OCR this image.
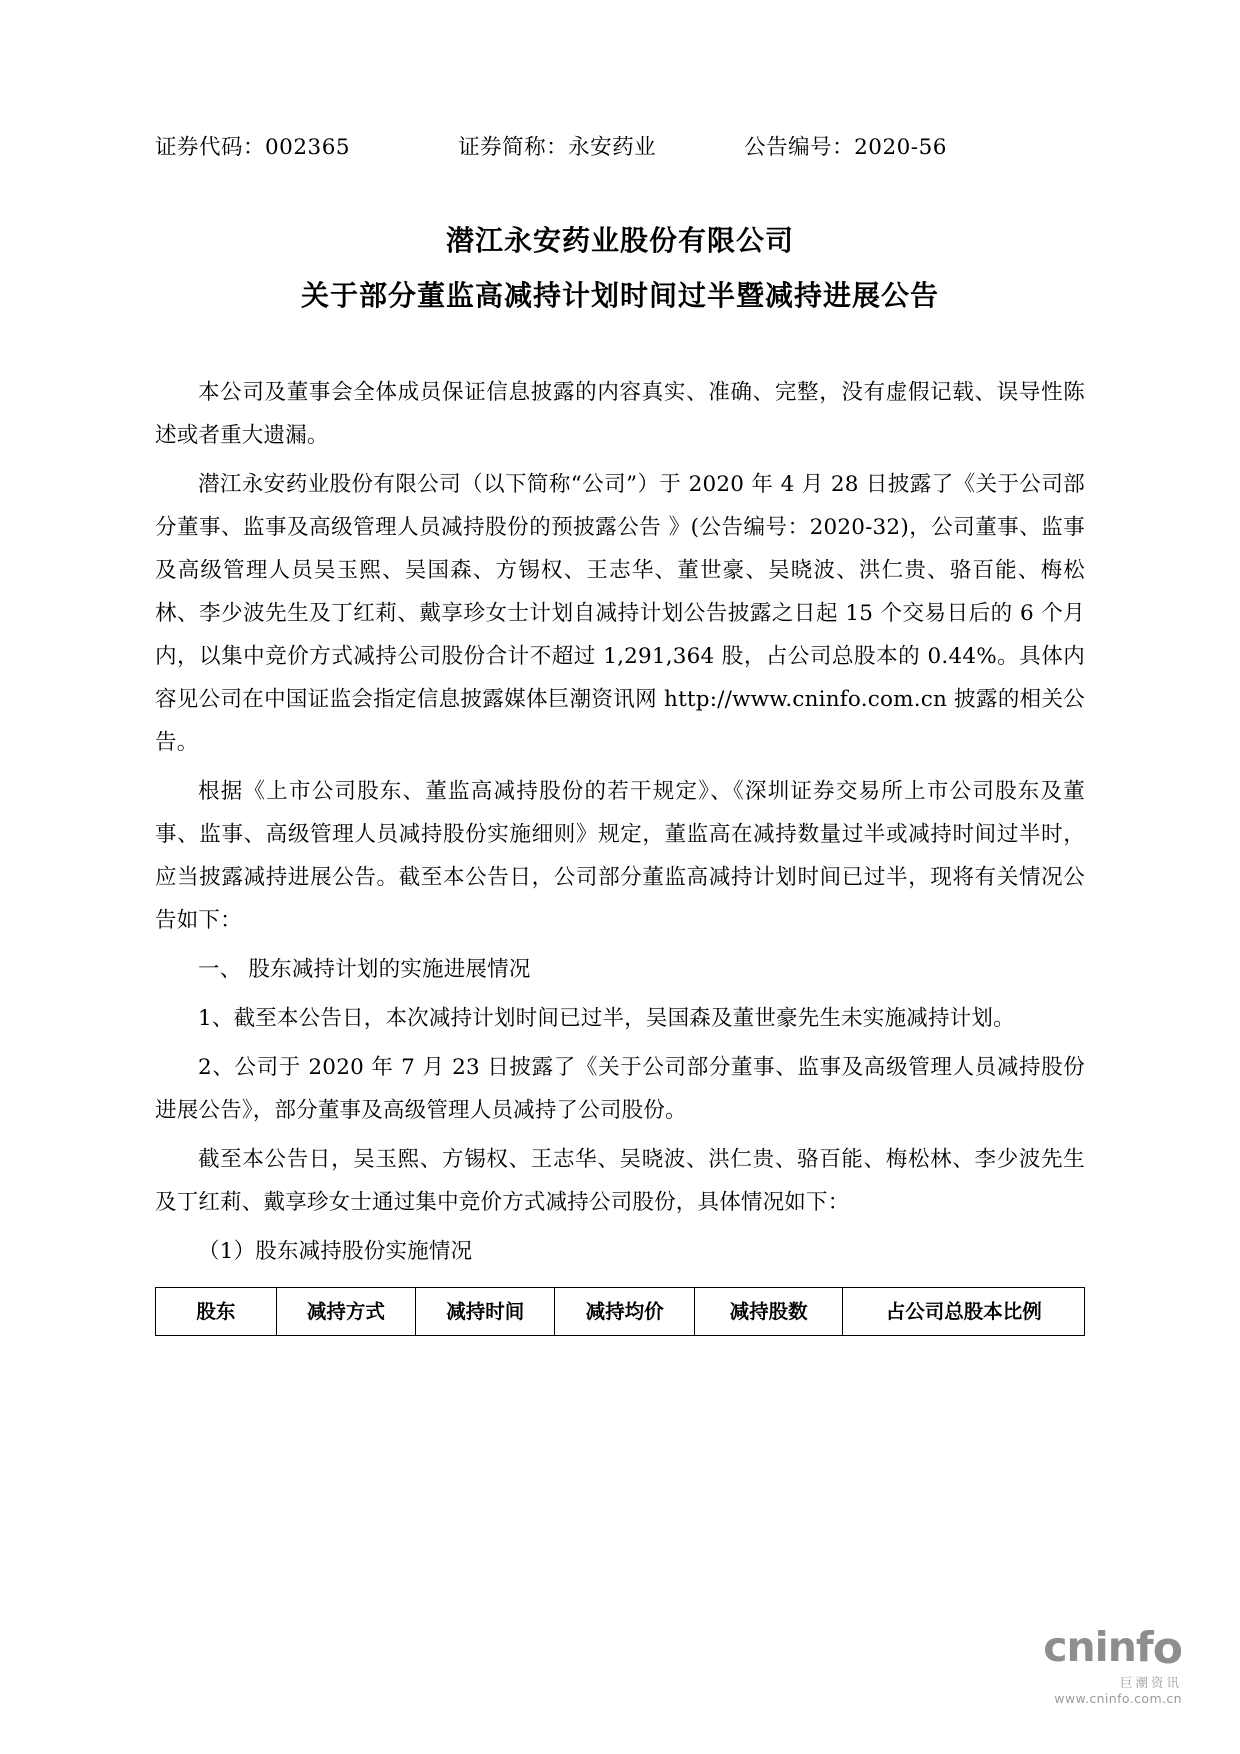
证券代码：002365	证券简称：永安药业	公告编号：2020-56
潜江永安药业股份有限公司
关于部分董监高减持计划时间过半暨减持进展公告

本公司及董事会全体成员保证信息披露的内容真实、准确、完整，没有虚假记载、误导性陈述或者重大遗漏。

潜江永安药业股份有限公司（以下简称“公司”）于 2020 年 4 月 28 日披露了《关于公司部分董事、监事及高级管理人员减持股份的预披露公告 》(公告编号：2020-32)，公司董事、监事及高级管理人员吴玉熙、吴国森、方锡权、王志华、董世豪、吴晓波、洪仁贵、骆百能、梅松林、李少波先生及丁红莉、戴享珍女士计划自减持计划公告披露之日起 15 个交易日后的 6 个月内，以集中竞价方式减持公司股份合计不超过 1,291,364 股，占公司总股本的 0.44%。具体内容见公司在中国证监会指定信息披露媒体巨潮资讯网 http://www.cninfo.com.cn 披露的相关公告。

根据《上市公司股东、董监高减持股份的若干规定》、《深圳证券交易所上市公司股东及董事、监事、高级管理人员减持股份实施细则》规定，董监高在减持数量过半或减持时间过半时，应当披露减持进展公告。截至本公告日，公司部分董监高减持计划时间已过半，现将有关情况公告如下：

一、 股东减持计划的实施进展情况

1、截至本公告日，本次减持计划时间已过半，吴国森及董世豪先生未实施减持计划。

2、公司于 2020 年 7 月 23 日披露了《关于公司部分董事、监事及高级管理人员减持股份进展公告》，部分董事及高级管理人员减持了公司股份。

截至本公告日，吴玉熙、方锡权、王志华、吴晓波、洪仁贵、骆百能、梅松林、李少波先生及丁红莉、戴享珍女士通过集中竞价方式减持公司股份，具体情况如下：

（1）股东减持股份实施情况

股东	减持方式	减持时间	减持均价	减持股数	占公司总股本比例
cninfo
巨潮资讯
www.cninfo.com.cn
